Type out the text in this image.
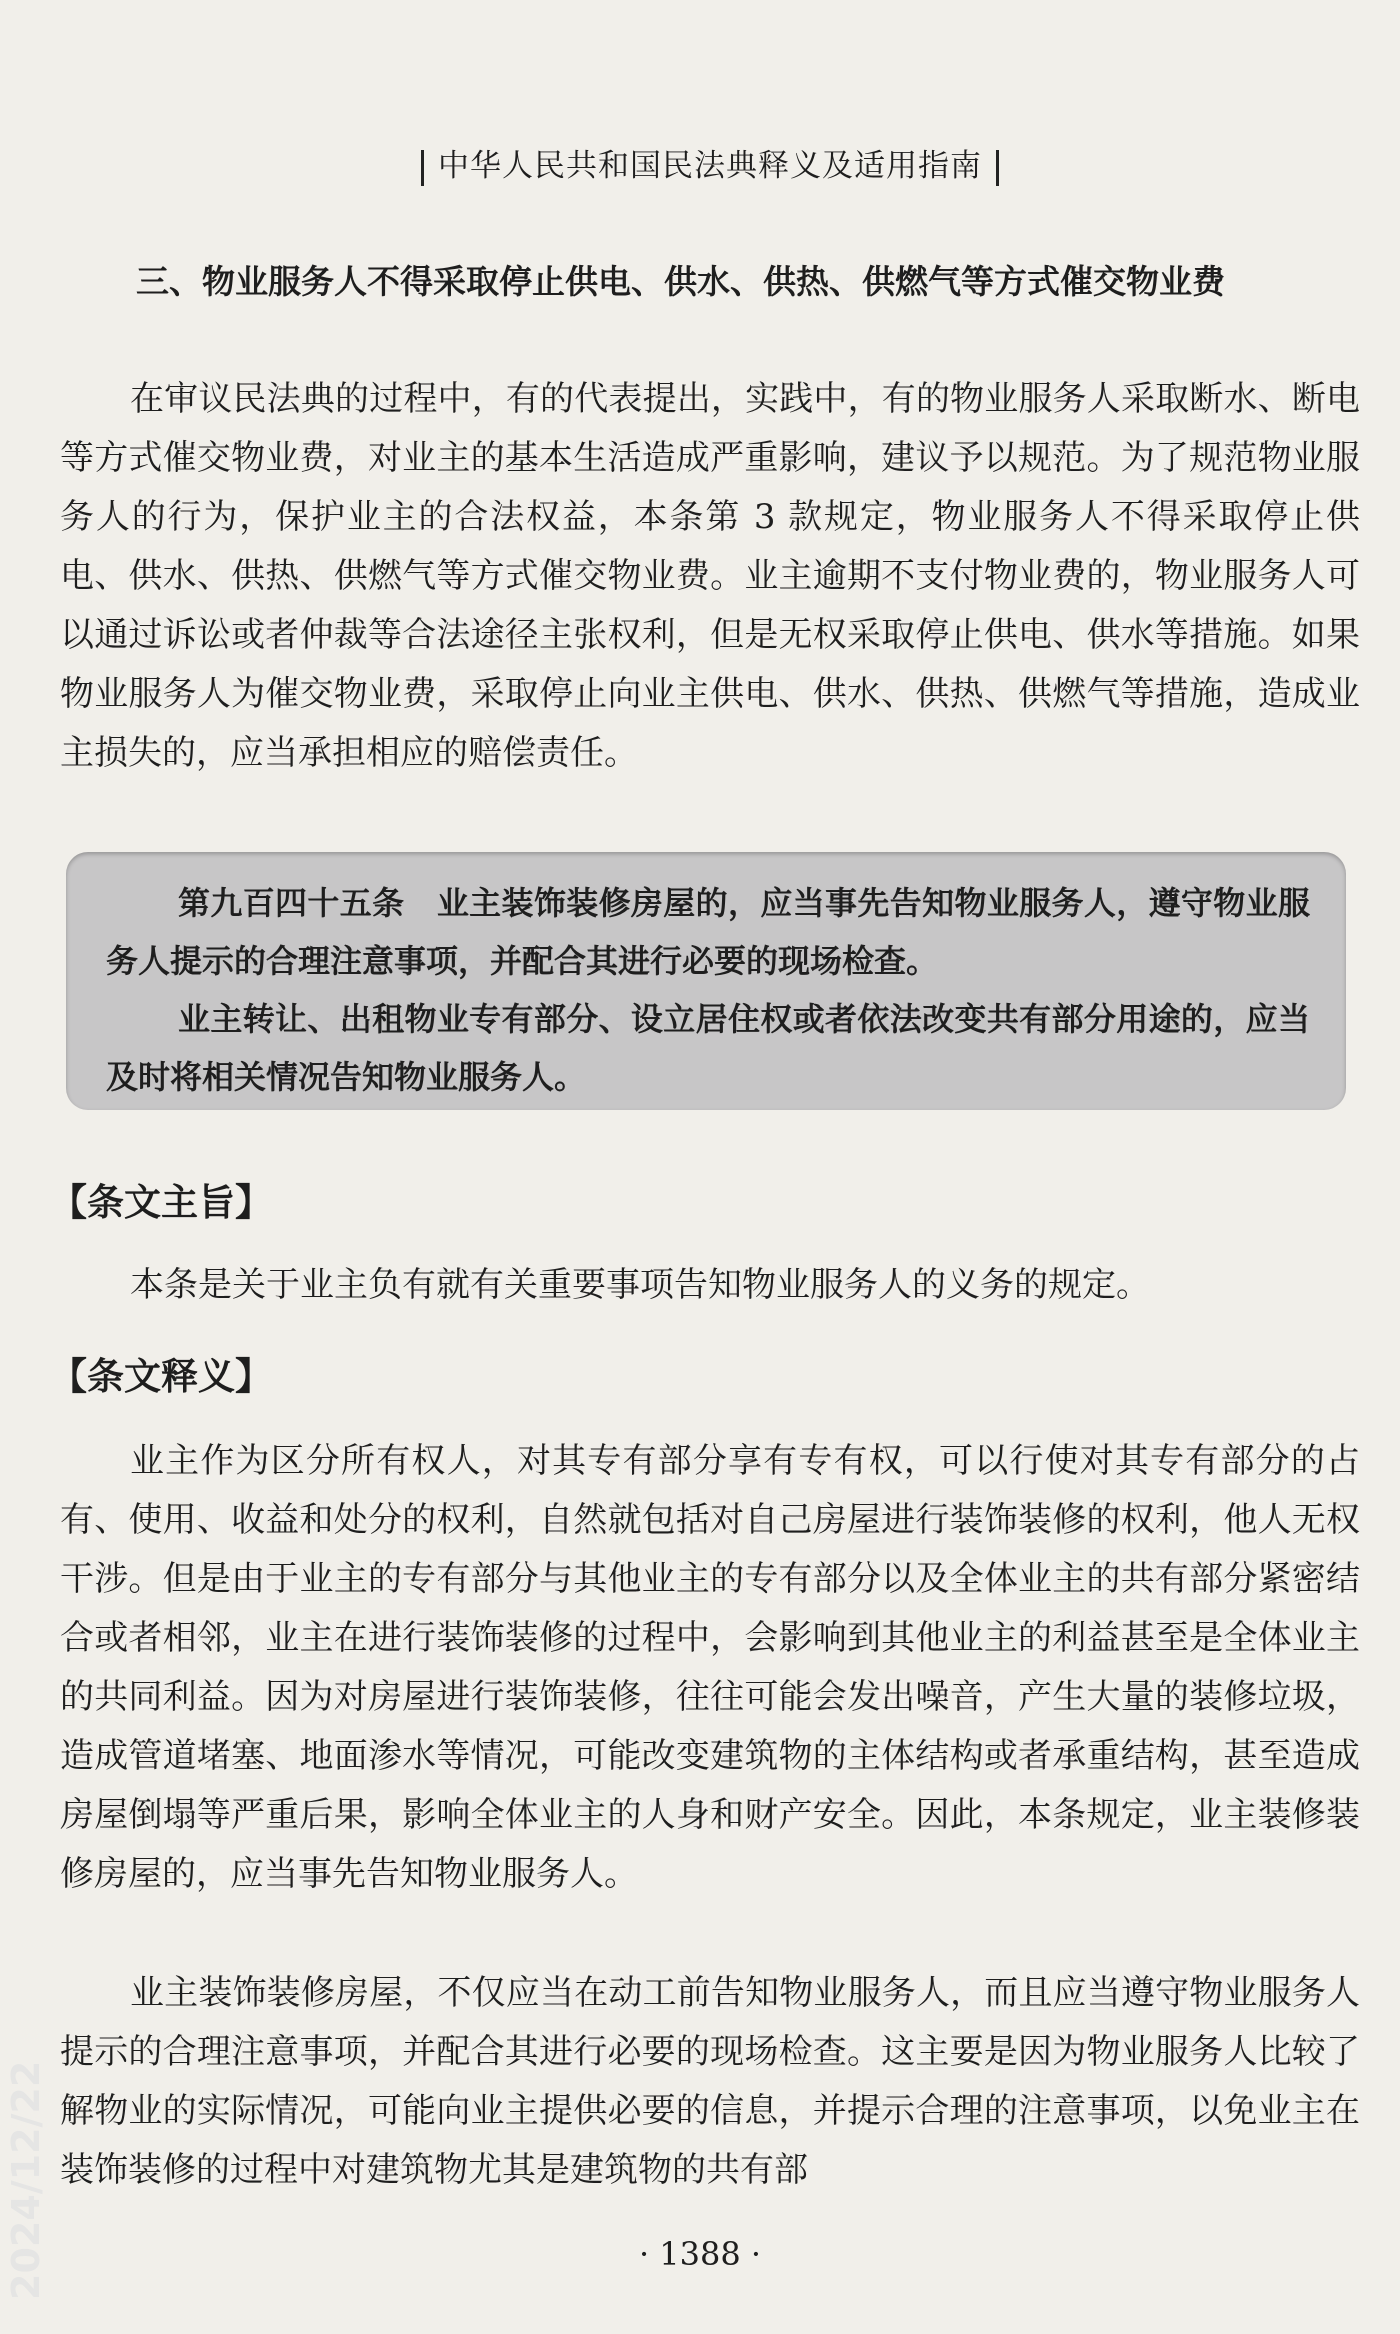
中华人民共和国民法典释义及适用指南
三、物业服务人不得采取停止供电、供水、供热、供燃气等方式催交物业费

在审议民法典的过程中，有的代表提出，实践中，有的物业服务人采取断水、断电等方式催交物业费，对业主的基本生活造成严重影响，建议予以规范。为了规范物业服务人的行为，保护业主的合法权益，本条第 3 款规定，物业服务人不得采取停止供电、供水、供热、供燃气等方式催交物业费。业主逾期不支付物业费的，物业服务人可以通过诉讼或者仲裁等合法途径主张权利，但是无权采取停止供电、供水等措施。如果物业服务人为催交物业费，采取停止向业主供电、供水、供热、供燃气等措施，造成业主损失的，应当承担相应的赔偿责任。

第九百四十五条　业主装饰装修房屋的，应当事先告知物业服务人，遵守物业服务人提示的合理注意事项，并配合其进行必要的现场检查。

业主转让、出租物业专有部分、设立居住权或者依法改变共有部分用途的，应当及时将相关情况告知物业服务人。

【条文主旨】

本条是关于业主负有就有关重要事项告知物业服务人的义务的规定。

【条文释义】

业主作为区分所有权人，对其专有部分享有专有权，可以行使对其专有部分的占有、使用、收益和处分的权利，自然就包括对自己房屋进行装饰装修的权利，他人无权干涉。但是由于业主的专有部分与其他业主的专有部分以及全体业主的共有部分紧密结合或者相邻，业主在进行装饰装修的过程中，会影响到其他业主的利益甚至是全体业主的共同利益。因为对房屋进行装饰装修，往往可能会发出噪音，产生大量的装修垃圾，造成管道堵塞、地面渗水等情况，可能改变建筑物的主体结构或者承重结构，甚至造成房屋倒塌等严重后果，影响全体业主的人身和财产安全。因此，本条规定，业主装修装修房屋的，应当事先告知物业服务人。

业主装饰装修房屋，不仅应当在动工前告知物业服务人，而且应当遵守物业服务人提示的合理注意事项，并配合其进行必要的现场检查。这主要是因为物业服务人比较了解物业的实际情况，可能向业主提供必要的信息，并提示合理的注意事项，以免业主在装饰装修的过程中对建筑物尤其是建筑物的共有部

· 1388 ·
2024/12/22
